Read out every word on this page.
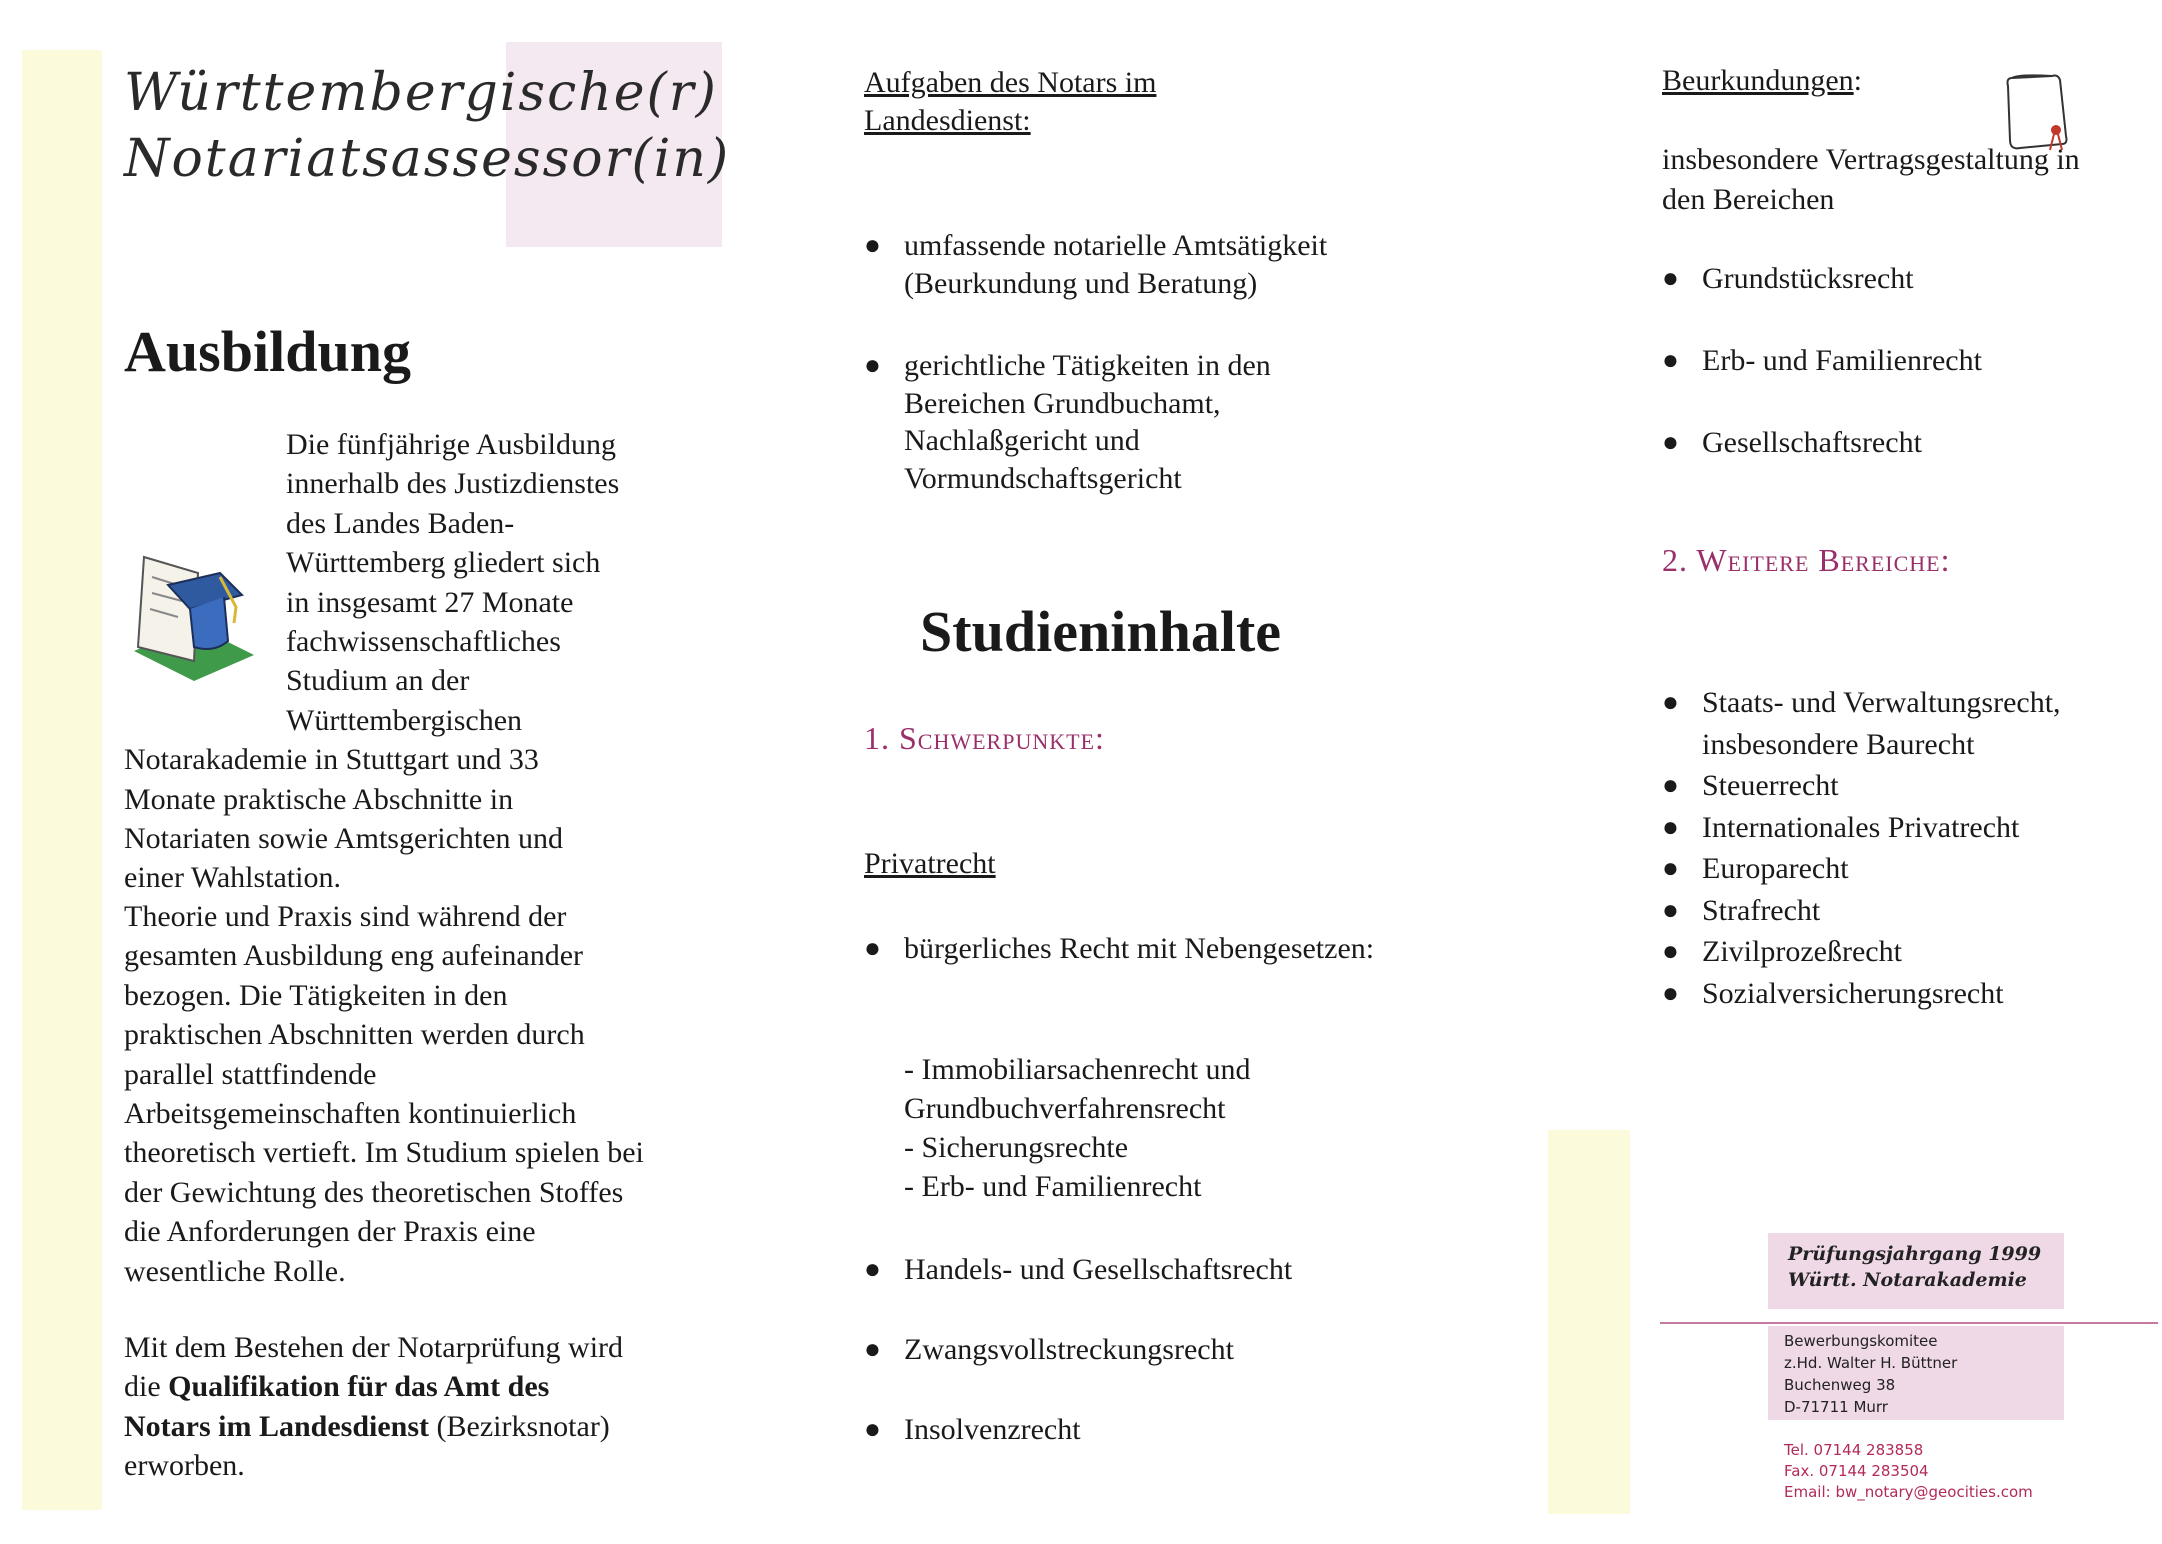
Württembergische(r)
Notariatsassessor(in)
Ausbildung

Die fünfjährige Ausbildung innerhalb des Justizdienstes des Landes Baden-Württemberg gliedert sich in insgesamt 27 Monate fachwissenschaftliches Studium an der Württembergischen Notarakademie in Stuttgart und 33 Monate praktische Abschnitte in Notariaten sowie Amtsgerichten und einer Wahlstation.

Theorie und Praxis sind während der gesamten Ausbildung eng aufeinander bezogen. Die Tätigkeiten in den praktischen Abschnitten werden durch parallel stattfindende Arbeitsgemeinschaften kontinuierlich theoretisch vertieft. Im Studium spielen bei der Gewichtung des theoretischen Stoffes die Anforderungen der Praxis eine wesentliche Rolle.

Mit dem Bestehen der Notarprüfung wird die Qualifikation für das Amt des Notars im Landesdienst (Bezirksnotar) erworben.

Aufgaben des Notars im Landesdienst:

● umfassende notarielle Amtsätigkeit (Beurkundung und Beratung)
● gerichtliche Tätigkeiten in den Bereichen Grundbuchamt, Nachlaßgericht und Vormundschaftsgericht
Studieninhalte

1. Schwerpunkte:

Privatrecht

● bürgerliches Recht mit Nebengesetzen:
- Immobiliarsachenrecht und Grundbuchverfahrensrecht
- Sicherungsrechte
- Erb- und Familienrecht
● Handels- und Gesellschaftsrecht
● Zwangsvollstreckungsrecht
● Insolvenzrecht

Beurkundungen:

insbesondere Vertragsgestaltung in den Bereichen

● Grundstücksrecht
● Erb- und Familienrecht
● Gesellschaftsrecht

2. Weitere Bereiche:

● Staats- und Verwaltungsrecht, insbesondere Baurecht
● Steuerrecht
● Internationales Privatrecht
● Europarecht
● Strafrecht
● Zivilprozeßrecht
● Sozialversicherungsrecht
Prüfungsjahrgang 1999
Württ. Notarakademie
Bewerbungskomitee
z.Hd. Walter H. Büttner
Buchenweg 38
D-71711 Murr
Tel. 07144 283858
Fax. 07144 283504
Email: bw_notary@geocities.com
